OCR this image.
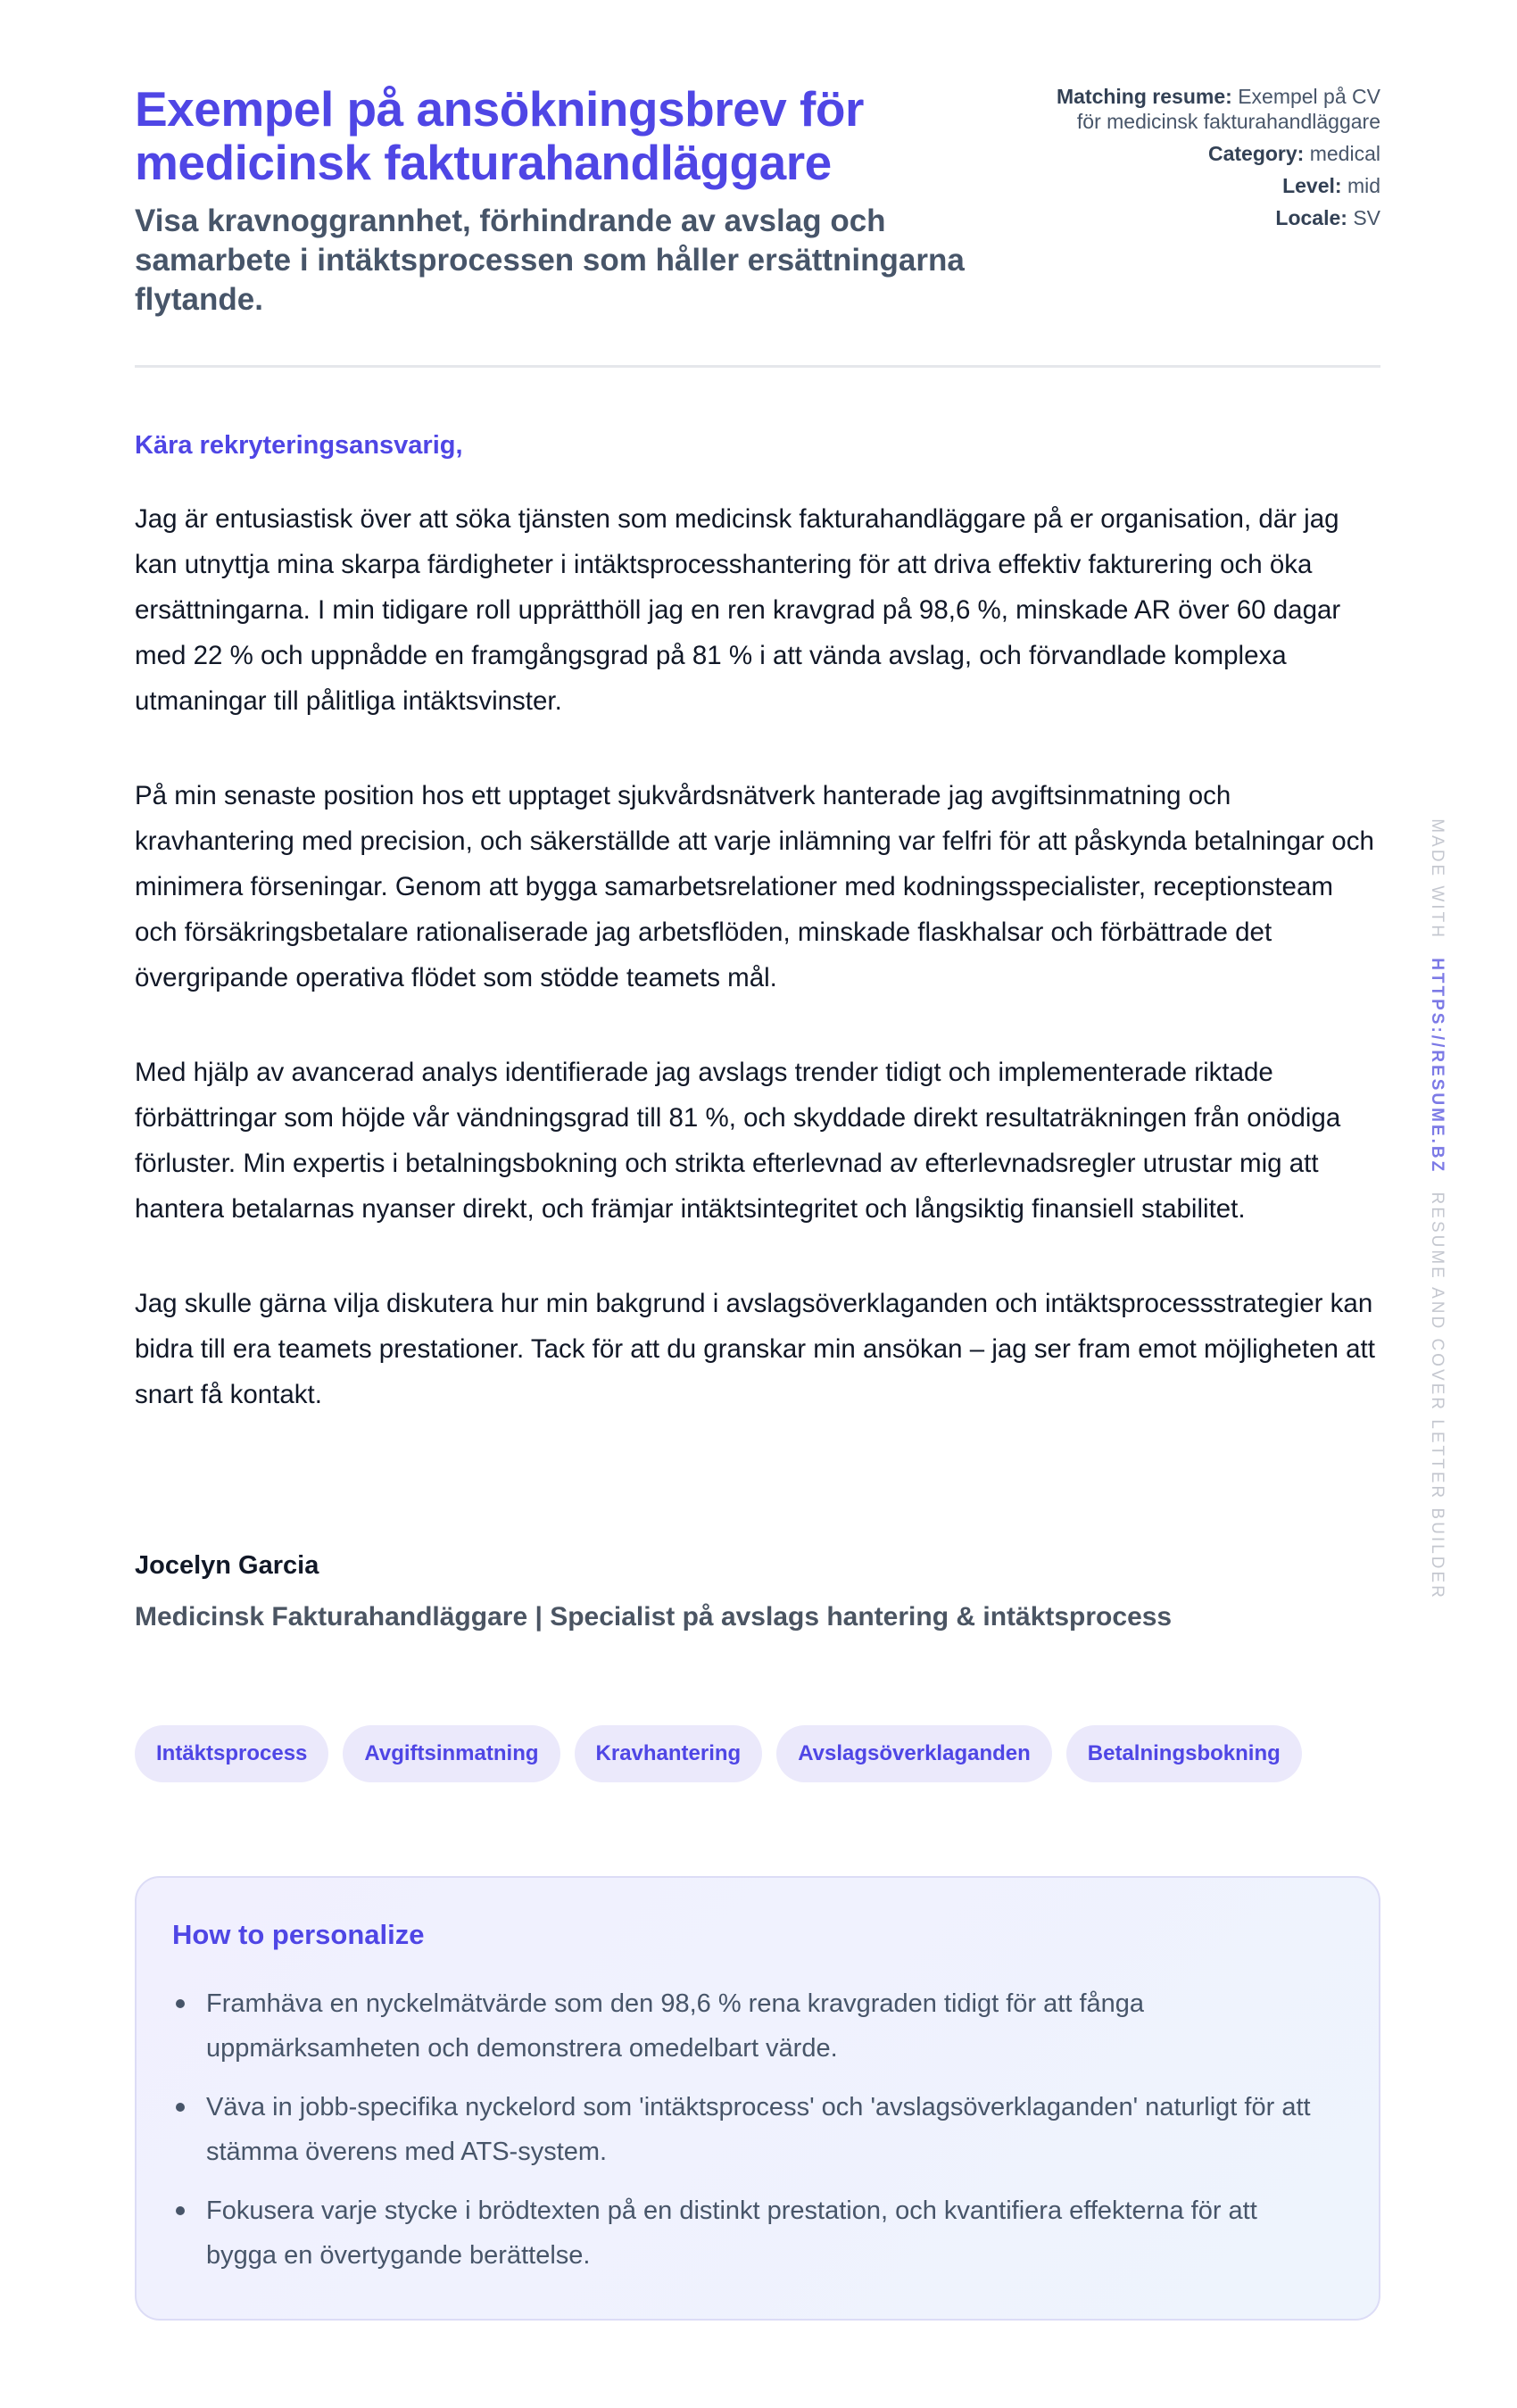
Exempel på ansökningsbrev för medicinsk fakturahandläggare
Visa kravnoggrannhet, förhindrande av avslag och samarbete i intäktsprocessen som håller ersättningarna flytande.
Matching resume: Exempel på CV för medicinsk fakturahandläggare
Category: medical
Level: mid
Locale: SV
Kära rekryteringsansvarig,

Jag är entusiastisk över att söka tjänsten som medicinsk fakturahandläggare på er organisation, där jag kan utnyttja mina skarpa färdigheter i intäktsprocesshantering för att driva effektiv fakturering och öka ersättningarna. I min tidigare roll upprätthöll jag en ren kravgrad på 98,6 %, minskade AR över 60 dagar med 22 % och uppnådde en framgångsgrad på 81 % i att vända avslag, och förvandlade komplexa utmaningar till pålitliga intäktsvinster.

På min senaste position hos ett upptaget sjukvårdsnätverk hanterade jag avgiftsinmatning och kravhantering med precision, och säkerställde att varje inlämning var felfri för att påskynda betalningar och minimera förseningar. Genom att bygga samarbetsrelationer med kodningsspecialister, receptionsteam och försäkringsbetalare rationaliserade jag arbetsflöden, minskade flaskhalsar och förbättrade det övergripande operativa flödet som stödde teamets mål.

Med hjälp av avancerad analys identifierade jag avslags trender tidigt och implementerade riktade förbättringar som höjde vår vändningsgrad till 81 %, och skyddade direkt resultaträkningen från onödiga förluster. Min expertis i betalningsbokning och strikta efterlevnad av efterlevnadsregler utrustar mig att hantera betalarnas nyanser direkt, och främjar intäktsintegritet och långsiktig finansiell stabilitet.

Jag skulle gärna vilja diskutera hur min bakgrund i avslagsöverklaganden och intäktsprocessstrategier kan bidra till era teamets prestationer. Tack för att du granskar min ansökan – jag ser fram emot möjligheten att snart få kontakt.

Jocelyn Garcia
Medicinsk Fakturahandläggare | Specialist på avslags hantering & intäktsprocess
Intäktsprocess	Avgiftsinmatning	Kravhantering	Avslagsöverklaganden	Betalningsbokning
How to personalize
Framhäva en nyckelmätvärde som den 98,6 % rena kravgraden tidigt för att fånga uppmärksamheten och demonstrera omedelbart värde.
Väva in jobb-specifika nyckelord som 'intäktsprocess' och 'avslagsöverklaganden' naturligt för att stämma överens med ATS-system.
Fokusera varje stycke i brödtexten på en distinkt prestation, och kvantifiera effekterna för att bygga en övertygande berättelse.
MADE WITH HTTPS://RESUME.BZ RESUME AND COVER LETTER BUILDER
